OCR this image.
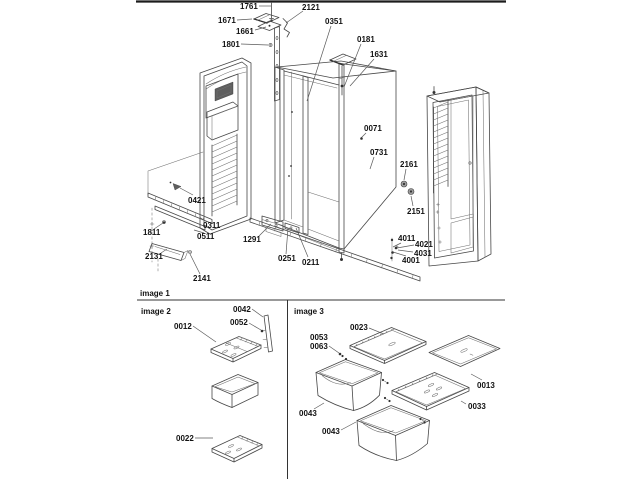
image 1
image 2	image 3
1761	2121
1671
1661
1801
0351
0181
1631
0071
0731
2161
2151
0421
0311
0511
1811
2131
2141
1291
0251 0211
4011
4021
4031
4001
0042
0052
0012
0022
0023
0053
0063
0013
0033
0043
0043
